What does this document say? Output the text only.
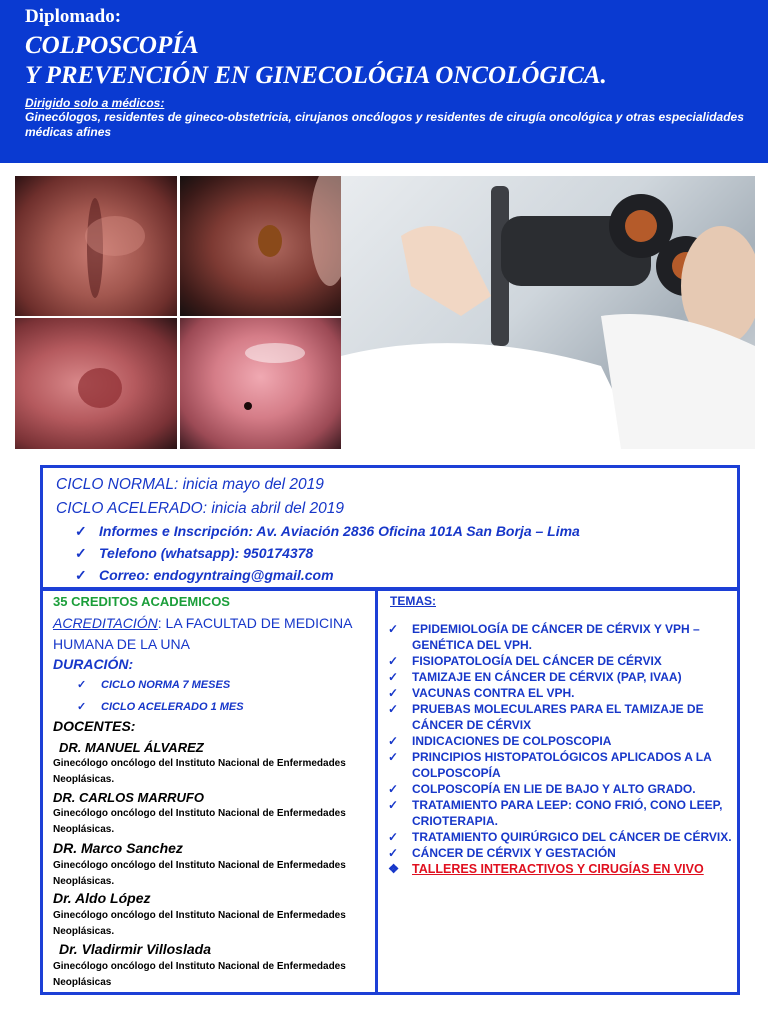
Diplomado:
COLPOSCOPÍA
Y PREVENCIÓN EN GINECOLÓGIA ONCOLÓGICA.
Dirigido solo a médicos:
Ginecólogos, residentes de gineco-obstetricia, cirujanos oncólogos y residentes de cirugía oncológica y otras especialidades médicas afines
CICLO NORMAL: inicia mayo del 2019
CICLO ACELERADO: inicia abril del 2019
✓ Informes e Inscripción: Av. Aviación 2836 Oficina 101A San Borja – Lima
✓ Telefono (whatsapp): 950174378
✓ Correo: endogyntraing@gmail.com
35 CREDITOS ACADEMICOS
ACREDITACIÓN: LA FACULTAD DE MEDICINA HUMANA DE LA UNA
DURACIÓN:
✓ CICLO NORMA 7 MESES
✓ CICLO ACELERADO 1 MES
DOCENTES:
DR. MANUEL ÁLVAREZ
Ginecólogo oncólogo del Instituto Nacional de Enfermedades Neoplásicas.
DR. CARLOS MARRUFO
Ginecólogo oncólogo del Instituto Nacional de Enfermedades Neoplásicas.
DR. Marco Sanchez
Ginecólogo oncólogo del Instituto Nacional de Enfermedades Neoplásicas.
Dr. Aldo López
Ginecólogo oncólogo del Instituto Nacional de Enfermedades Neoplásicas.
Dr. Vladirmir Villoslada
Ginecólogo oncólogo del Instituto Nacional de Enfermedades Neoplásicas
TEMAS:
✓ EPIDEMIOLOGÍA DE CÁNCER DE CÉRVIX Y VPH – GENÉTICA DEL VPH.
✓ FISIOPATOLOGÍA DEL CÁNCER DE CÉRVIX
✓ TAMIZAJE EN CÁNCER DE CÉRVIX (PAP, IVAA)
✓ VACUNAS CONTRA EL VPH.
✓ PRUEBAS MOLECULARES PARA EL TAMIZAJE DE CÁNCER DE CÉRVIX
✓ INDICACIONES DE COLPOSCOPIA
✓ PRINCIPIOS HISTOPATOLÓGICOS APLICADOS A LA COLPOSCOPÍA
✓ COLPOSCOPÍA EN LIE DE BAJO Y ALTO GRADO.
✓ TRATAMIENTO PARA LEEP: CONO FRIÓ, CONO LEEP, CRIOTERAPIA.
✓ TRATAMIENTO QUIRÚRGICO DEL CÁNCER DE CÉRVIX.
✓ CÁNCER DE CÉRVIX Y GESTACIÓN
❖ TALLERES INTERACTIVOS Y CIRUGÍAS EN VIVO
